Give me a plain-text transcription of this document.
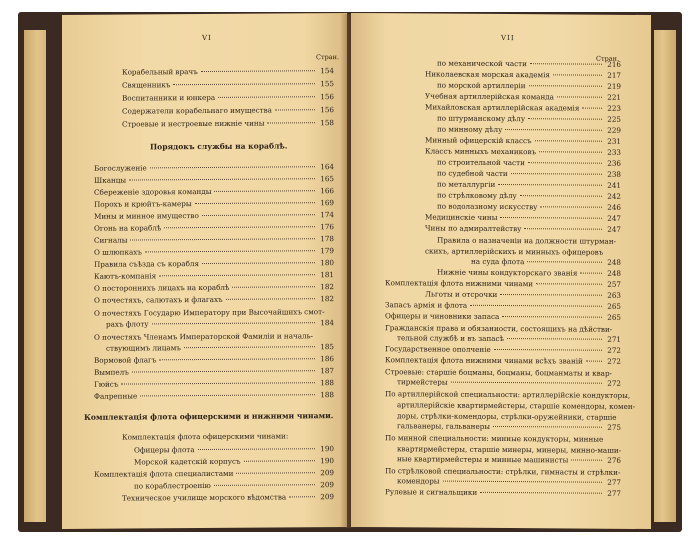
VI
Стран.
Корабельный врачъ	154
Священникъ	155
Воспитанники и юнкера	156
Содержатели корабельнаго имущества	156
Строевые и нестроевые нижніе чины	158
Порядокъ службы на кораблѣ.
Богослуженіе	164
Шканцы	165
Сбереженіе здоровья команды	166
Порохъ и крюйтъ-камеры	169
Мины и минное имущество	174
Огонь на кораблѣ	176
Сигналы	178
О шлюпкахъ	179
Правила съѣзда съ корабля	180
Каютъ-компанія	181
О постороннихъ лицахъ на кораблѣ	182
О почестяхъ, салютахъ и флагахъ	182
О почестяхъ Государю Императору при Высочайшихъ смот-
рахъ флоту	184
О почестяхъ Членамъ Императорской Фамиліи и началь-
ствующимъ лицамъ	185
Вормовой флагъ	186
Вымпелъ	187
Гюйсъ	188
Фалрепные	188
Комплектація флота офицерскими и нижними чинами.
Комплектація флота офицерскими чинами:
Офицеры флота	190
Морской кадетскій корпусъ	190
Комплектація флота специалистами	209
по кораблестроенію	209
Техническое училище морского вѣдомства	209
VII
Стран.
по механической части	216
Николаевская морская академія	217
по морской артиллеріи	219
Учебная артиллерійская команда	221
Михайловская артиллерійская академія	223
по штурманскому дѣлу	225
по минному дѣлу	229
Минный офицерскій классъ	231
Классъ минныхъ механиковъ	233
по строительной части	236
по судебной части	238
по металлургіи	241
по стрѣлковому дѣлу	242
по водолазному искусству	246
Медицинскіе чины	247
Чины по адмиралтейству	247
Правила о назначеніи на должности штурман-
скихъ, артиллерійскихъ и минныхъ офицеровъ
на суда флота	248
Нижніе чины кондукторскаго званія	248
Комплектація флота нижними чинами	257
Льготы и отсрочки	263
Запасъ армія и флота	265
Офицеры и чиновники запаса	265
Гражданскія права и обязанности, состоящихъ на дѣйстви-
тельной службѣ и въ запасѣ	271
Государственное ополченіе	272
Комплектація флота нижними чинами всѣхъ званій	272
Строевые: старшіе боцманы, боцманы, боцманматы и квар-
тирмейстеры	272
По артиллерійской специальности: артиллерійскіе кондукторы,
артиллерійскіе квартирмейстеры, старшіе комендоры, комен-
доры, стрѣлки-комендоры, стрѣлки-оружейники, старшіе
гальванеры, гальванеры	275
По минной специальности: минные кондукторы, минные
квартирмейстеры, старшіе минеры, минеры, минно-маши-
ные квартирмейстеры и минные машинисты	276
По стрѣлковой специальности: стрѣлки, гимнасты и стрѣлки-
комендоры	277
Рулевые и сигнальщики	277
